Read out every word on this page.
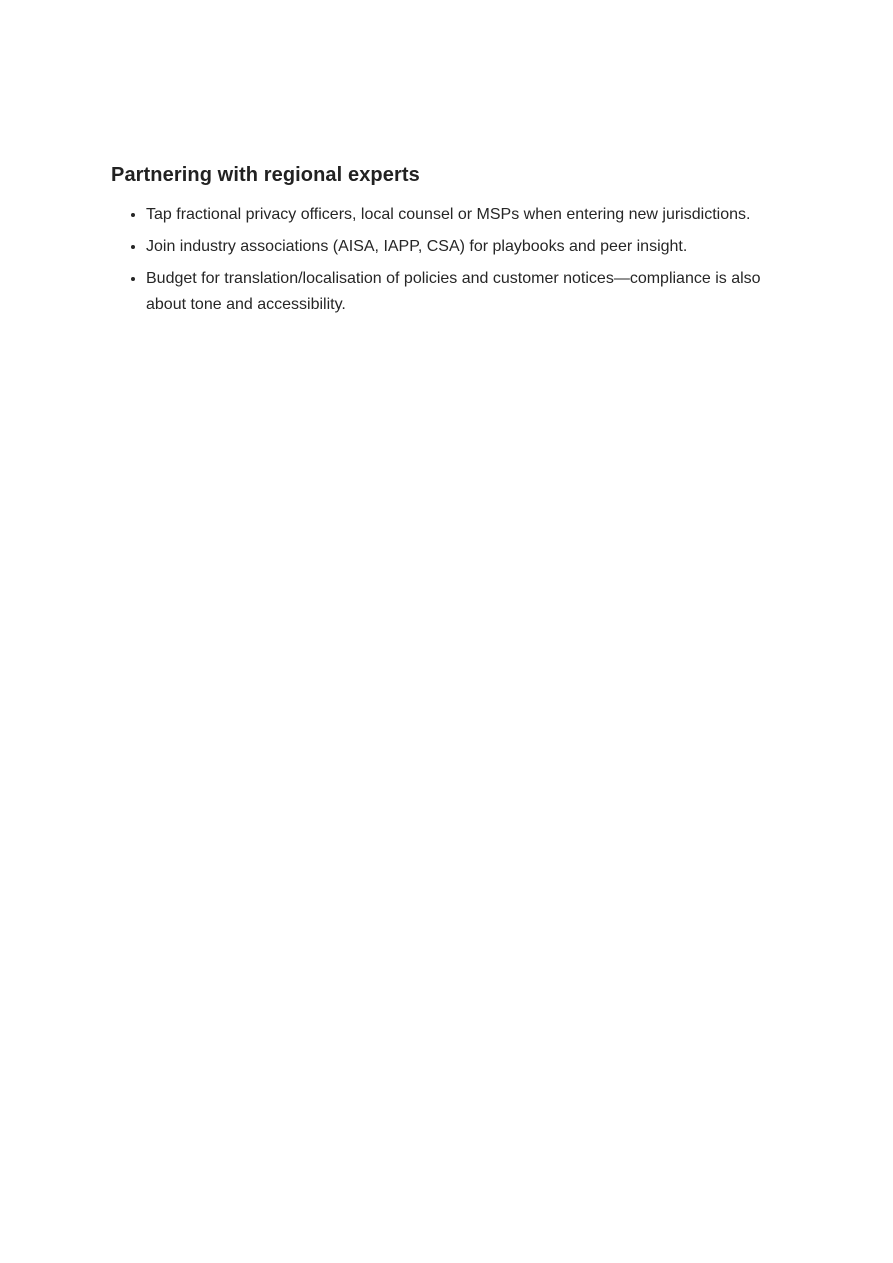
Partnering with regional experts
• Tap fractional privacy officers, local counsel or MSPs when entering new jurisdictions.
• Join industry associations (AISA, IAPP, CSA) for playbooks and peer insight.
• Budget for translation/localisation of policies and customer notices—compliance is also about tone and accessibility.
